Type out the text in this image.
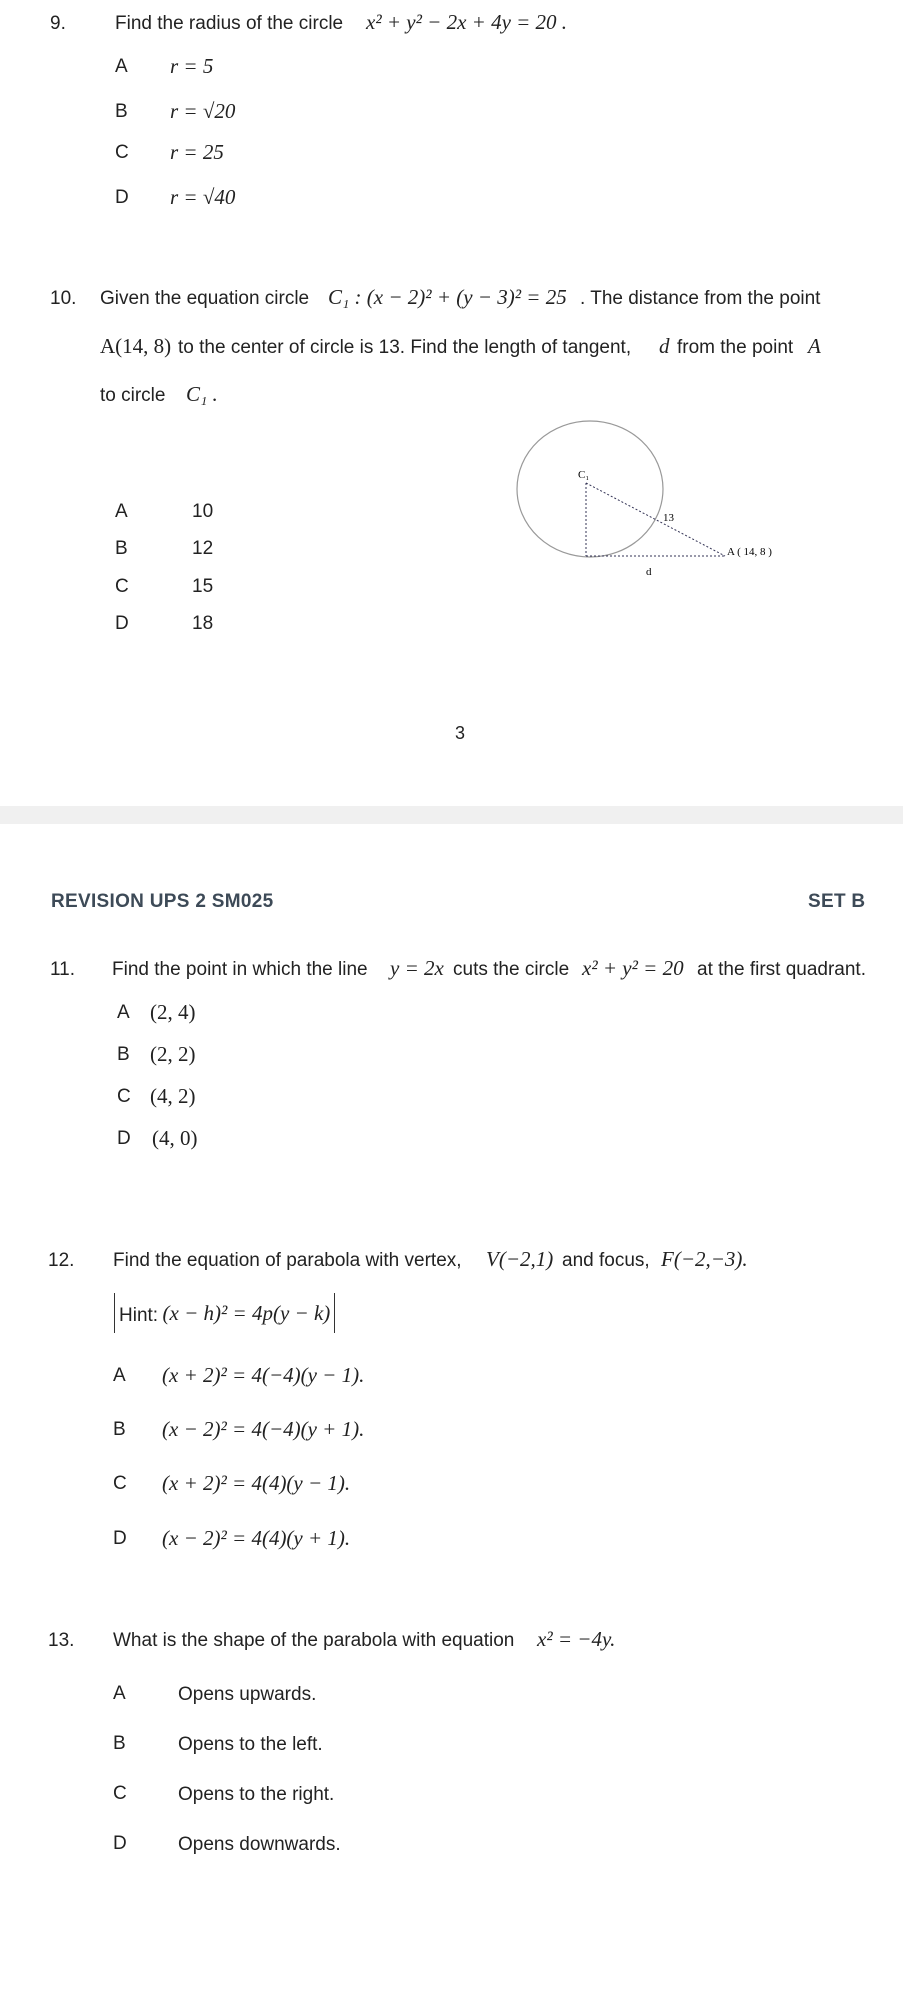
9.	Find the radius of the circle x² + y² − 2x + 4y = 20 .
A r = 5
B r = √20
C r = 25
D r = √40
10. Given the equation circle C₁ : (x − 2)² + (y − 3)² = 25 . The distance from the point
A(14, 8) to the center of circle is 13. Find the length of tangent, d from the point A
to circle C₁ .
A	10
B	12
C	15
D	18
C₁
13
A ( 14, 8 )
d
3
REVISION UPS 2 SM025	SET B
11. Find the point in which the line y = 2x cuts the circle x² + y² = 20 at the first quadrant.
A (2, 4)
B (2, 2)
C (4, 2)
D (4, 0)
12. Find the equation of parabola with vertex, V(−2,1) and focus, F(−2,−3).
Hint: (x − h)² = 4p(y − k)
A (x + 2)² = 4(−4)(y − 1).
B (x − 2)² = 4(−4)(y + 1).
C (x + 2)² = 4(4)(y − 1).
D (x − 2)² = 4(4)(y + 1).
13. What is the shape of the parabola with equation x² = −4y.
A	Opens upwards.
B	Opens to the left.
C	Opens to the right.
D	Opens downwards.
